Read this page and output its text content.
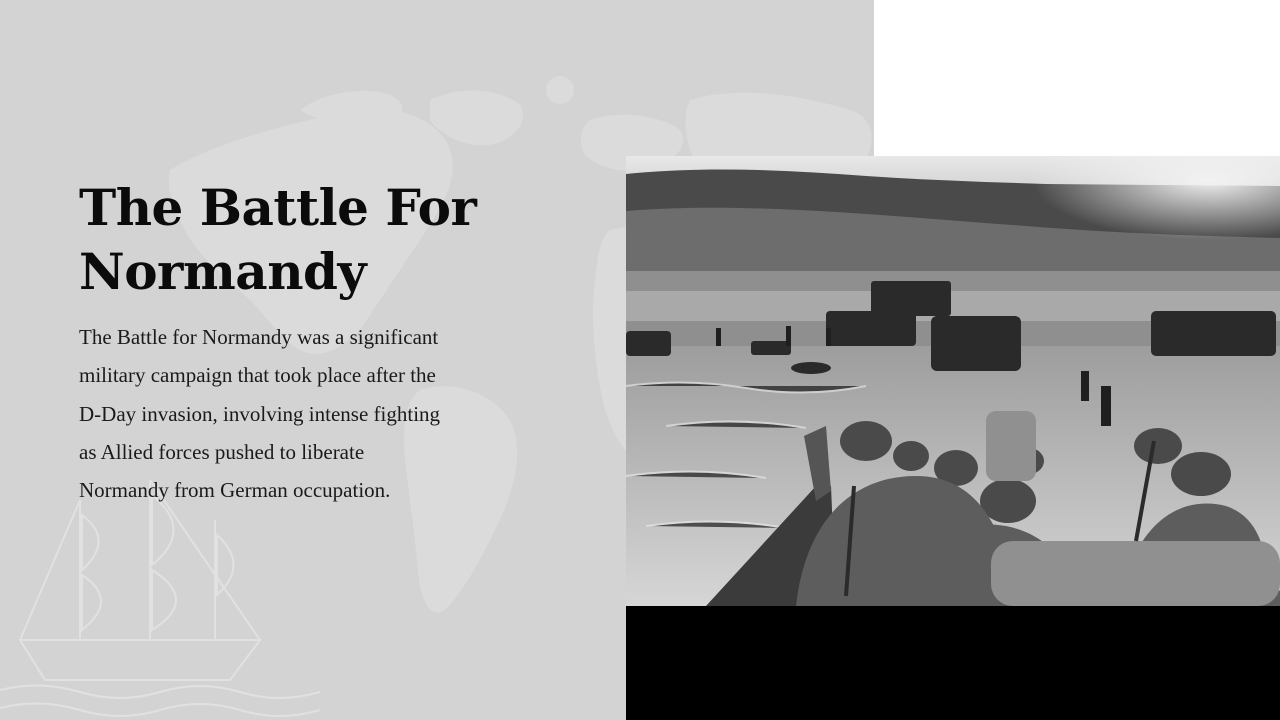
The Battle For Normandy

The Battle for Normandy was a significant military campaign that took place after the D-Day invasion, involving intense fighting as Allied forces pushed to liberate Normandy from German occupation.
